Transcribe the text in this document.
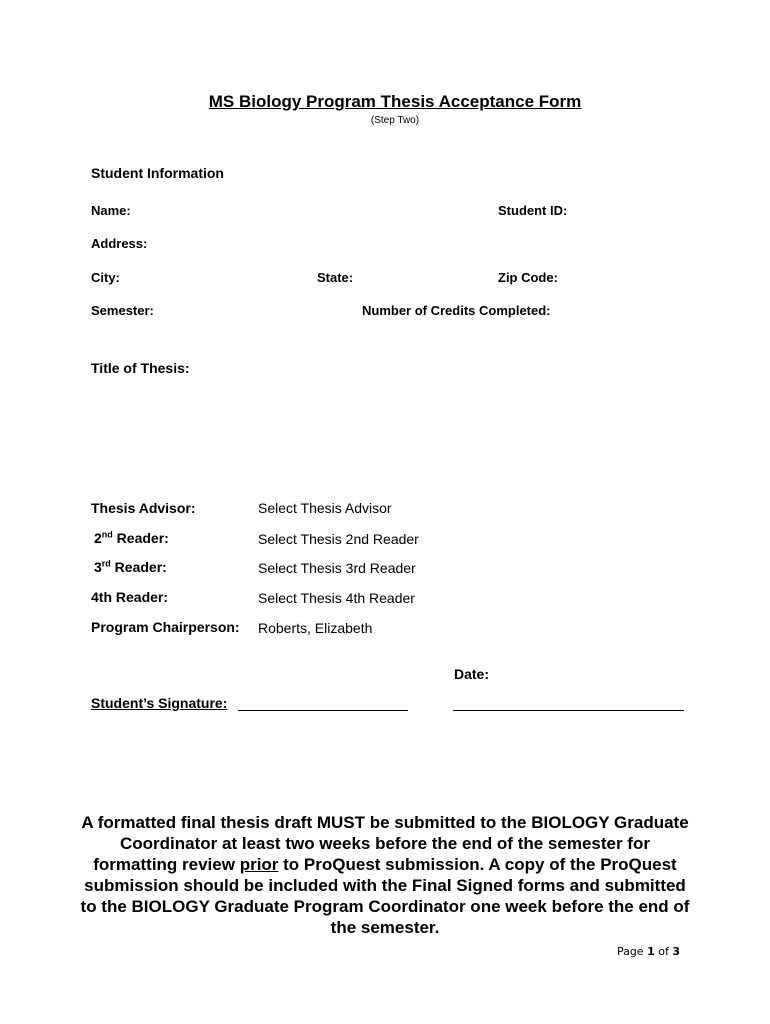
MS Biology Program Thesis Acceptance Form
(Step Two)
Student Information
Name:	Student ID:
Address:
City:	State:	Zip Code:
Semester:	Number of Credits Completed:
Title of Thesis:
Thesis Advisor:	Select Thesis Advisor
2nd Reader:	Select Thesis 2nd Reader
3rd Reader:	Select Thesis 3rd Reader
4th Reader:	Select Thesis 4th Reader
Program Chairperson: Roberts, Elizabeth
Date:
Student’s Signature:
A formatted final thesis draft MUST be submitted to the BIOLOGY Graduate Coordinator at least two weeks before the end of the semester for formatting review prior to ProQuest submission. A copy of the ProQuest submission should be included with the Final Signed forms and submitted to the BIOLOGY Graduate Program Coordinator one week before the end of the semester.
Page 1 of 3
